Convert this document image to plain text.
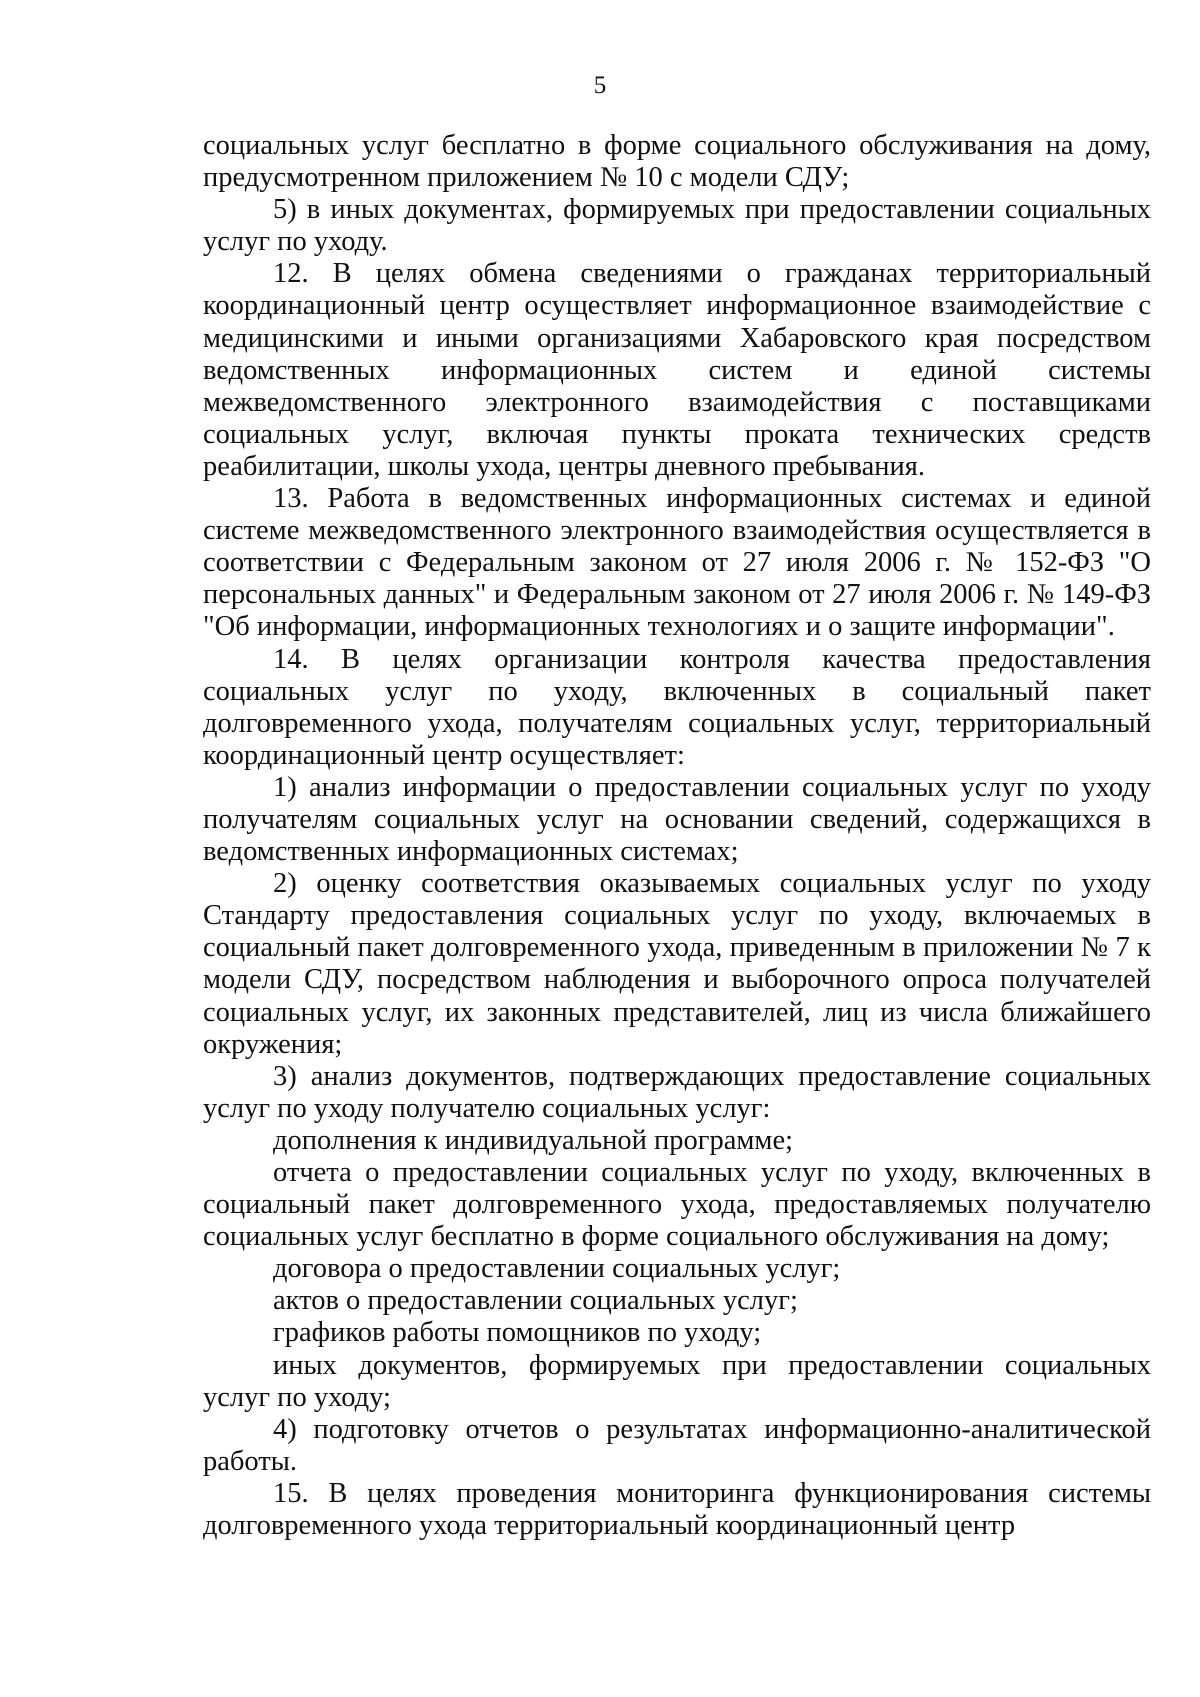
5

социальных услуг бесплатно в форме социального обслуживания на дому, предусмотренном приложением № 10 с модели СДУ;

5) в иных документах, формируемых при предоставлении социальных услуг по уходу.

12. В целях обмена сведениями о гражданах территориальный координационный центр осуществляет информационное взаимодействие с медицинскими и иными организациями Хабаровского края посредством ведомственных информационных систем и единой системы межведомственного электронного взаимодействия с поставщиками социальных услуг, включая пункты проката технических средств реабилитации, школы ухода, центры дневного пребывания.

13. Работа в ведомственных информационных системах и единой системе межведомственного электронного взаимодействия осуществляется в соответствии с Федеральным законом от 27 июля 2006 г. № 152-ФЗ "О персональных данных" и Федеральным законом от 27 июля 2006 г. № 149-ФЗ "Об информации, информационных технологиях и о защите информации".

14. В целях организации контроля качества предоставления социальных услуг по уходу, включенных в социальный пакет долговременного ухода, получателям социальных услуг, территориальный координационный центр осуществляет:

1) анализ информации о предоставлении социальных услуг по уходу получателям социальных услуг на основании сведений, содержащихся в ведомственных информационных системах;

2) оценку соответствия оказываемых социальных услуг по уходу Стандарту предоставления социальных услуг по уходу, включаемых в социальный пакет долговременного ухода, приведенным в приложении № 7 к модели СДУ, посредством наблюдения и выборочного опроса получателей социальных услуг, их законных представителей, лиц из числа ближайшего окружения;

3) анализ документов, подтверждающих предоставление социальных услуг по уходу получателю социальных услуг:

дополнения к индивидуальной программе;

отчета о предоставлении социальных услуг по уходу, включенных в социальный пакет долговременного ухода, предоставляемых получателю социальных услуг бесплатно в форме социального обслуживания на дому;

договора о предоставлении социальных услуг;

актов о предоставлении социальных услуг;

графиков работы помощников по уходу;

иных документов, формируемых при предоставлении социальных услуг по уходу;

4) подготовку отчетов о результатах информационно-аналитической работы.

15. В целях проведения мониторинга функционирования системы долговременного ухода территориальный координационный центр
